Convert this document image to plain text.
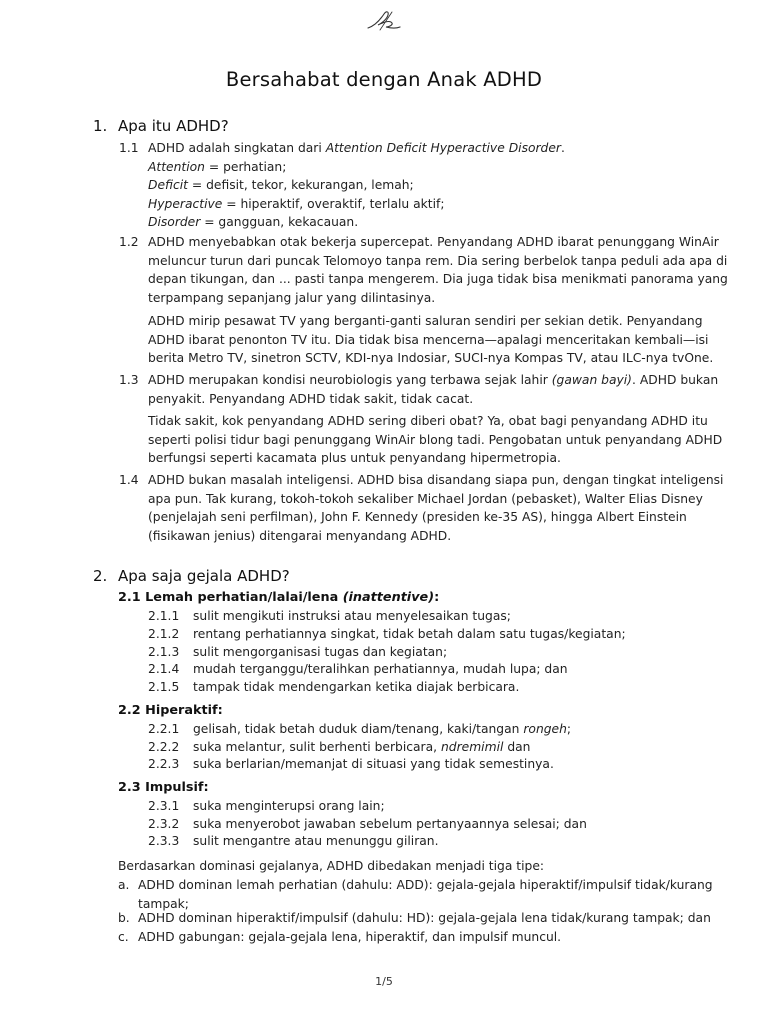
Bersahabat dengan Anak ADHD
1. Apa itu ADHD?
1.1 ADHD adalah singkatan dari Attention Deficit Hyperactive Disorder.
Attention = perhatian;
Deficit = defisit, tekor, kekurangan, lemah;
Hyperactive = hiperaktif, overaktif, terlalu aktif;
Disorder = gangguan, kekacauan.
1.2 ADHD menyebabkan otak bekerja supercepat. Penyandang ADHD ibarat penunggang WinAir
meluncur turun dari puncak Telomoyo tanpa rem. Dia sering berbelok tanpa peduli ada apa di
depan tikungan, dan ... pasti tanpa mengerem. Dia juga tidak bisa menikmati panorama yang
terpampang sepanjang jalur yang dilintasinya.
ADHD mirip pesawat TV yang berganti-ganti saluran sendiri per sekian detik. Penyandang
ADHD ibarat penonton TV itu. Dia tidak bisa mencerna—apalagi menceritakan kembali—isi
berita Metro TV, sinetron SCTV, KDI-nya Indosiar, SUCI-nya Kompas TV, atau ILC-nya tvOne.
1.3 ADHD merupakan kondisi neurobiologis yang terbawa sejak lahir (gawan bayi). ADHD bukan
penyakit. Penyandang ADHD tidak sakit, tidak cacat.
Tidak sakit, kok penyandang ADHD sering diberi obat? Ya, obat bagi penyandang ADHD itu
seperti polisi tidur bagi penunggang WinAir blong tadi. Pengobatan untuk penyandang ADHD
berfungsi seperti kacamata plus untuk penyandang hipermetropia.
1.4 ADHD bukan masalah inteligensi. ADHD bisa disandang siapa pun, dengan tingkat inteligensi
apa pun. Tak kurang, tokoh-tokoh sekaliber Michael Jordan (pebasket), Walter Elias Disney
(penjelajah seni perfilman), John F. Kennedy (presiden ke-35 AS), hingga Albert Einstein
(fisikawan jenius) ditengarai menyandang ADHD.
2. Apa saja gejala ADHD?
2.1 Lemah perhatian/lalai/lena (inattentive):
2.1.1 sulit mengikuti instruksi atau menyelesaikan tugas;
2.1.2 rentang perhatiannya singkat, tidak betah dalam satu tugas/kegiatan;
2.1.3 sulit mengorganisasi tugas dan kegiatan;
2.1.4 mudah terganggu/teralihkan perhatiannya, mudah lupa; dan
2.1.5 tampak tidak mendengarkan ketika diajak berbicara.
2.2 Hiperaktif:
2.2.1 gelisah, tidak betah duduk diam/tenang, kaki/tangan rongeh;
2.2.2 suka melantur, sulit berhenti berbicara, ndremimil dan
2.2.3 suka berlarian/memanjat di situasi yang tidak semestinya.
2.3 Impulsif:
2.3.1 suka menginterupsi orang lain;
2.3.2 suka menyerobot jawaban sebelum pertanyaannya selesai; dan
2.3.3 sulit mengantre atau menunggu giliran.
Berdasarkan dominasi gejalanya, ADHD dibedakan menjadi tiga tipe:
a. ADHD dominan lemah perhatian (dahulu: ADD): gejala-gejala hiperaktif/impulsif tidak/kurang
tampak;
b. ADHD dominan hiperaktif/impulsif (dahulu: HD): gejala-gejala lena tidak/kurang tampak; dan
c. ADHD gabungan: gejala-gejala lena, hiperaktif, dan impulsif muncul.
1/5
